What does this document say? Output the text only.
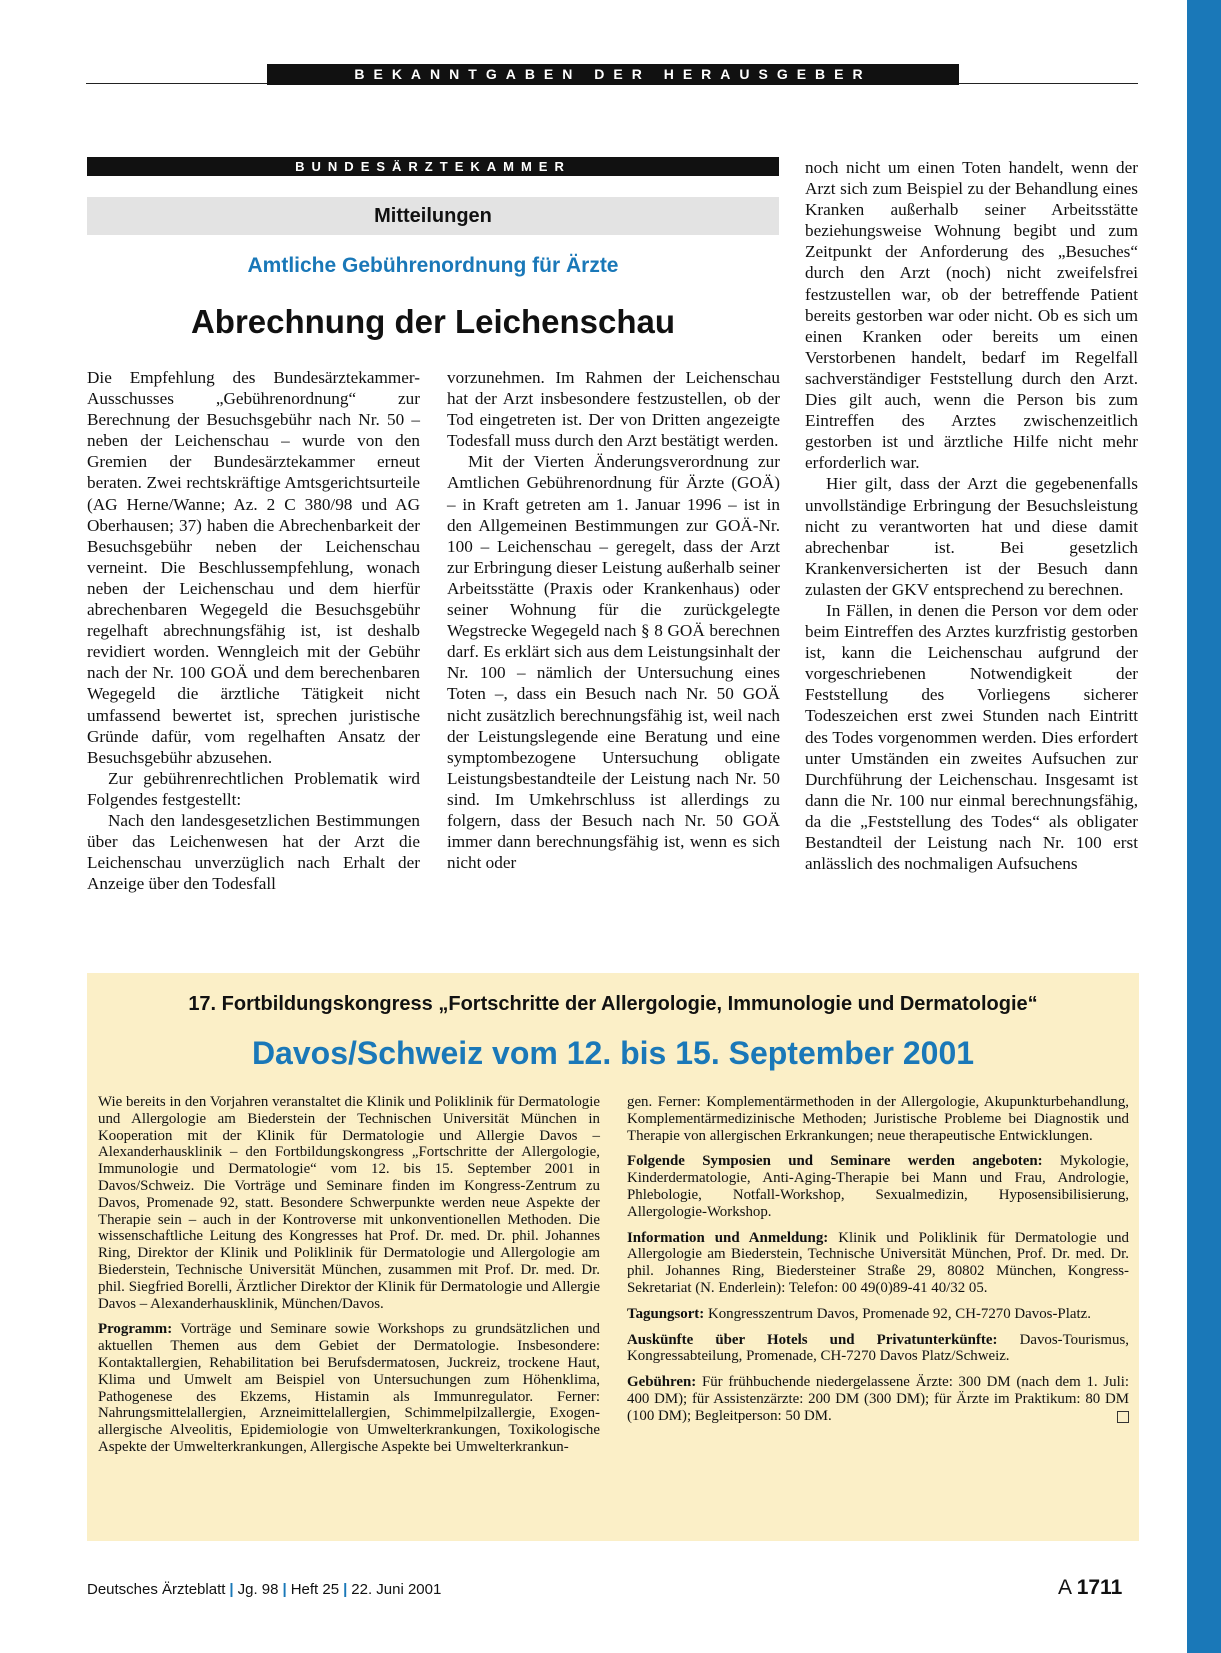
BEKANNTGABEN DER HERAUSGEBER
BUNDESÄRZTEKAMMER
Mitteilungen
Amtliche Gebührenordnung für Ärzte
Abrechnung der Leichenschau

Die Empfehlung des Bundesärztekammer-Ausschusses „Gebührenordnung“ zur Berechnung der Besuchsgebühr nach Nr. 50 – neben der Leichenschau – wurde von den Gremien der Bundesärztekammer erneut beraten. Zwei rechtskräftige Amtsgerichtsurteile (AG Herne/Wanne; Az. 2 C 380/98 und AG Oberhausen; 37) haben die Abrechenbarkeit der Besuchsgebühr neben der Leichenschau verneint. Die Beschlussempfehlung, wonach neben der Leichenschau und dem hierfür abrechenbaren Wegegeld die Besuchsgebühr regelhaft abrechnungsfähig ist, ist deshalb revidiert worden. Wenngleich mit der Gebühr nach der Nr. 100 GOÄ und dem berechenbaren Wegegeld die ärztliche Tätigkeit nicht umfassend bewertet ist, sprechen juristische Gründe dafür, vom regelhaften Ansatz der Besuchsgebühr abzusehen.

Zur gebührenrechtlichen Problematik wird Folgendes festgestellt:

Nach den landesgesetzlichen Bestimmungen über das Leichenwesen hat der Arzt die Leichenschau unverzüglich nach Erhalt der Anzeige über den Todesfall

vorzunehmen. Im Rahmen der Leichenschau hat der Arzt insbesondere festzustellen, ob der Tod eingetreten ist. Der von Dritten angezeigte Todesfall muss durch den Arzt bestätigt werden.

Mit der Vierten Änderungsverordnung zur Amtlichen Gebührenordnung für Ärzte (GOÄ) – in Kraft getreten am 1. Januar 1996 – ist in den Allgemeinen Bestimmungen zur GOÄ-Nr. 100 – Leichenschau – geregelt, dass der Arzt zur Erbringung dieser Leistung außerhalb seiner Arbeitsstätte (Praxis oder Krankenhaus) oder seiner Wohnung für die zurückgelegte Wegstrecke Wegegeld nach § 8 GOÄ berechnen darf. Es erklärt sich aus dem Leistungsinhalt der Nr. 100 – nämlich der Untersuchung eines Toten –, dass ein Besuch nach Nr. 50 GOÄ nicht zusätzlich berechnungsfähig ist, weil nach der Leistungslegende eine Beratung und eine symptombezogene Untersuchung obligate Leistungsbestandteile der Leistung nach Nr. 50 sind. Im Umkehrschluss ist allerdings zu folgern, dass der Besuch nach Nr. 50 GOÄ immer dann berechnungsfähig ist, wenn es sich nicht oder

noch nicht um einen Toten handelt, wenn der Arzt sich zum Beispiel zu der Behandlung eines Kranken außerhalb seiner Arbeitsstätte beziehungsweise Wohnung begibt und zum Zeitpunkt der Anforderung des „Besuches“ durch den Arzt (noch) nicht zweifelsfrei festzustellen war, ob der betreffende Patient bereits gestorben war oder nicht. Ob es sich um einen Kranken oder bereits um einen Verstorbenen handelt, bedarf im Regelfall sachverständiger Feststellung durch den Arzt. Dies gilt auch, wenn die Person bis zum Eintreffen des Arztes zwischenzeitlich gestorben ist und ärztliche Hilfe nicht mehr erforderlich war.

Hier gilt, dass der Arzt die gegebenenfalls unvollständige Erbringung der Besuchsleistung nicht zu verantworten hat und diese damit abrechenbar ist. Bei gesetzlich Krankenversicherten ist der Besuch dann zulasten der GKV entsprechend zu berechnen.

In Fällen, in denen die Person vor dem oder beim Eintreffen des Arztes kurzfristig gestorben ist, kann die Leichenschau aufgrund der vorgeschriebenen Notwendigkeit der Feststellung des Vorliegens sicherer Todeszeichen erst zwei Stunden nach Eintritt des Todes vorgenommen werden. Dies erfordert unter Umständen ein zweites Aufsuchen zur Durchführung der Leichenschau. Insgesamt ist dann die Nr. 100 nur einmal berechnungsfähig, da die „Feststellung des Todes“ als obligater Bestandteil der Leistung nach Nr. 100 erst anlässlich des nochmaligen Aufsuchens

17. Fortbildungskongress „Fortschritte der Allergologie, Immunologie und Dermatologie“
Davos/Schweiz vom 12. bis 15. September 2001

Wie bereits in den Vorjahren veranstaltet die Klinik und Poliklinik für Dermatologie und Allergologie am Biederstein der Technischen Universität München in Kooperation mit der Klinik für Dermatologie und Allergie Davos – Alexanderhausklinik – den Fortbildungskongress „Fortschritte der Allergologie, Immunologie und Dermatologie“ vom 12. bis 15. September 2001 in Davos/Schweiz. Die Vorträge und Seminare finden im Kongress-Zentrum zu Davos, Promenade 92, statt. Besondere Schwerpunkte werden neue Aspekte der Therapie sein – auch in der Kontroverse mit unkonventionellen Methoden. Die wissenschaftliche Leitung des Kongresses hat Prof. Dr. med. Dr. phil. Johannes Ring, Direktor der Klinik und Poliklinik für Dermatologie und Allergologie am Biederstein, Technische Universität München, zusammen mit Prof. Dr. med. Dr. phil. Siegfried Borelli, Ärztlicher Direktor der Klinik für Dermatologie und Allergie Davos – Alexanderhausklinik, München/Davos.

Programm: Vorträge und Seminare sowie Workshops zu grundsätzlichen und aktuellen Themen aus dem Gebiet der Dermatologie. Insbesondere: Kontaktallergien, Rehabilitation bei Berufsdermatosen, Juckreiz, trockene Haut, Klima und Umwelt am Beispiel von Untersuchungen zum Höhenklima, Pathogenese des Ekzems, Histamin als Immunregulator. Ferner: Nahrungsmittelallergien, Arzneimittelallergien, Schimmelpilzallergie, Exogen-allergische Alveolitis, Epidemiologie von Umwelterkrankungen, Toxikologische Aspekte der Umwelterkrankungen, Allergische Aspekte bei Umwelterkrankun-

gen. Ferner: Komplementärmethoden in der Allergologie, Akupunkturbehandlung, Komplementärmedizinische Methoden; Juristische Probleme bei Diagnostik und Therapie von allergischen Erkrankungen; neue therapeutische Entwicklungen.

Folgende Symposien und Seminare werden angeboten: Mykologie, Kinderdermatologie, Anti-Aging-Therapie bei Mann und Frau, Andrologie, Phlebologie, Notfall-Workshop, Sexualmedizin, Hyposensibilisierung, Allergologie-Workshop.

Information und Anmeldung: Klinik und Poliklinik für Dermatologie und Allergologie am Biederstein, Technische Universität München, Prof. Dr. med. Dr. phil. Johannes Ring, Biedersteiner Straße 29, 80802 München, Kongress-Sekretariat (N. Enderlein): Telefon: 00 49(0)89-41 40/32 05.

Tagungsort: Kongresszentrum Davos, Promenade 92, CH-7270 Davos-Platz.

Auskünfte über Hotels und Privatunterkünfte: Davos-Tourismus, Kongressabteilung, Promenade, CH-7270 Davos Platz/Schweiz.

Gebühren: Für frühbuchende niedergelassene Ärzte: 300 DM (nach dem 1. Juli: 400 DM); für Assistenzärzte: 200 DM (300 DM); für Ärzte im Praktikum: 80 DM (100 DM); Begleitperson: 50 DM.

Deutsches Ärzteblatt | Jg. 98 | Heft 25 | 22. Juni 2001	A 1711
